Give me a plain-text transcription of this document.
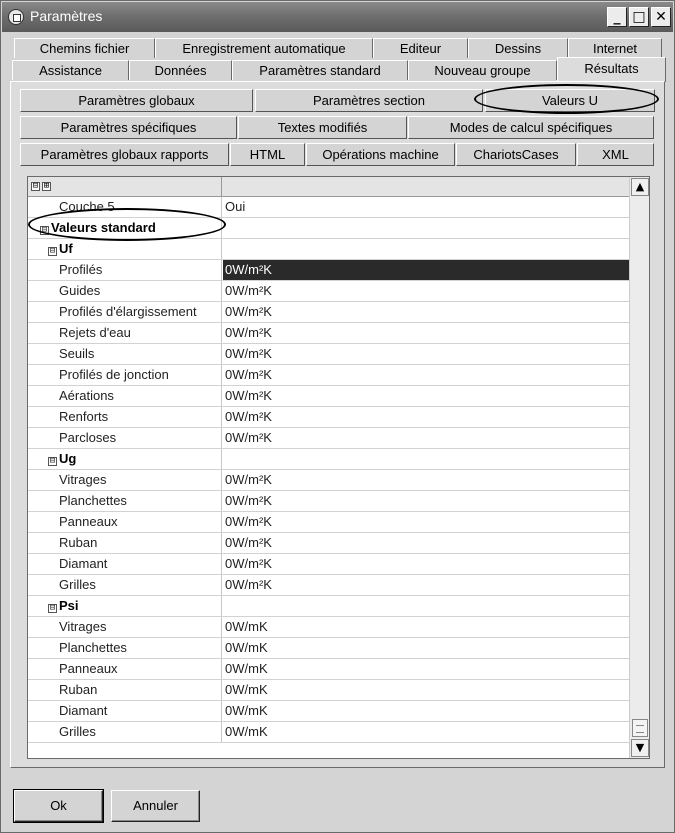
Paramètres	_ □ ✕
Chemins fichier	Enregistrement automatique	Editeur	Dessins	Internet
Assistance	Données	Paramètres standard	Nouveau groupe	Résultats
Paramètres globaux	Paramètres section	Valeurs U
Paramètres spécifiques	Textes modifiés	Modes de calcul spécifiques
Paramètres globaux rapports	HTML	Opérations machine	ChariotsCases	XML
⊟ ⊞
Couche 5	Oui
⊟ Valeurs standard
⊟ Uf
Profilés	0W/m²K
Guides	0W/m²K
Profilés d'élargissement	0W/m²K
Rejets d'eau	0W/m²K
Seuils	0W/m²K
Profilés de jonction	0W/m²K
Aérations	0W/m²K
Renforts	0W/m²K
Parcloses	0W/m²K
⊟ Ug
Vitrages	0W/m²K
Planchettes	0W/m²K
Panneaux	0W/m²K
Ruban	0W/m²K
Diamant	0W/m²K
Grilles	0W/m²K
⊟ Psi
Vitrages	0W/mK
Planchettes	0W/mK
Panneaux	0W/mK
Ruban	0W/mK
Diamant	0W/mK
Grilles	0W/mK
▲
▼
Ok	Annuler
